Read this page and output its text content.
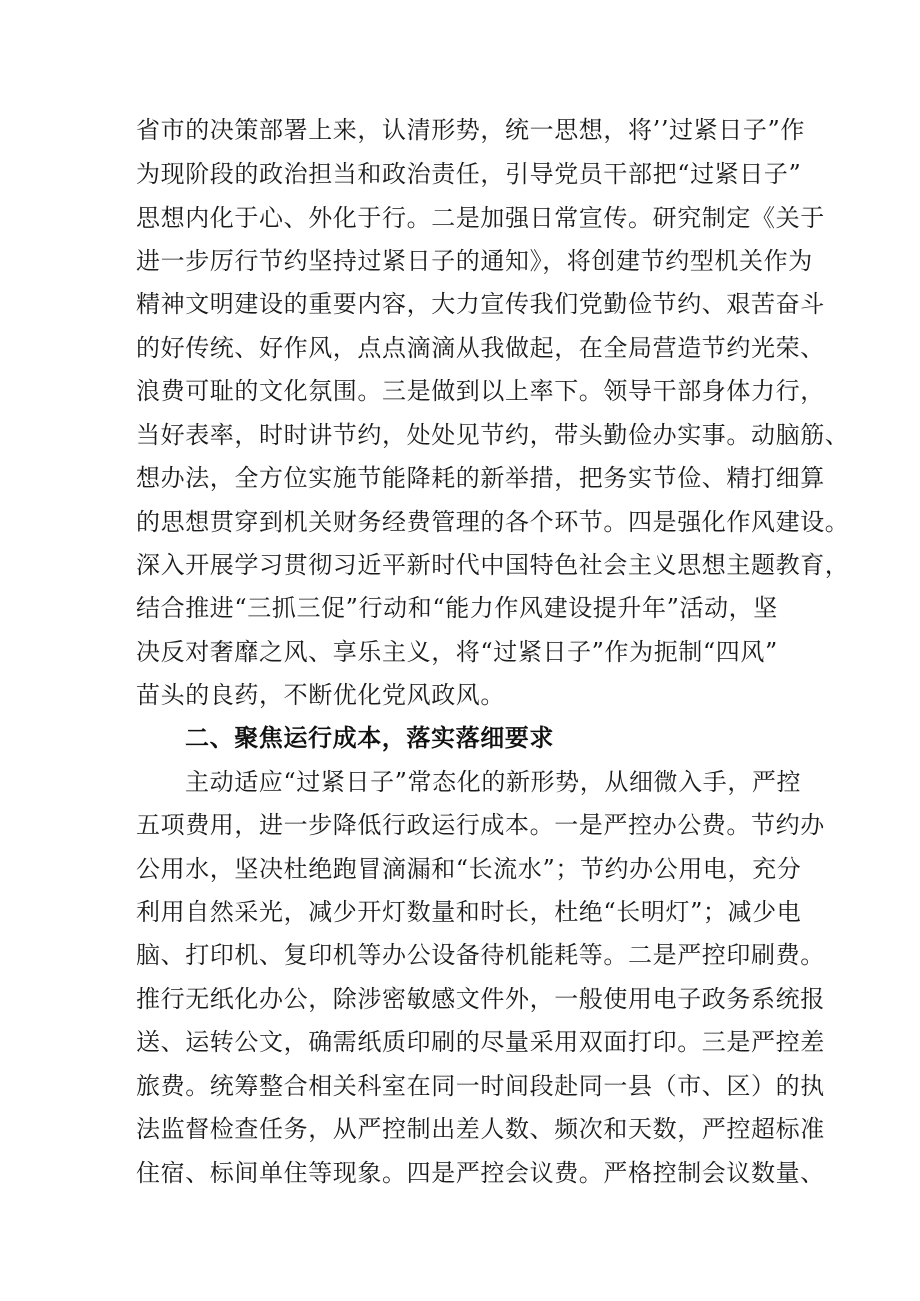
省市的决策部署上来，认清形势，统一思想，将’’过紧日子”作

为现阶段的政治担当和政治责任，引导党员干部把“过紧日子”

思想内化于心、外化于行。二是加强日常宣传。研究制定《关于

进一步厉行节约坚持过紧日子的通知》，将创建节约型机关作为

精神文明建设的重要内容，大力宣传我们党勤俭节约、艰苦奋斗

的好传统、好作风，点点滴滴从我做起，在全局营造节约光荣、

浪费可耻的文化氛围。三是做到以上率下。领导干部身体力行，

当好表率，时时讲节约，处处见节约，带头勤俭办实事。动脑筋、

想办法，全方位实施节能降耗的新举措，把务实节俭、精打细算

的思想贯穿到机关财务经费管理的各个环节。四是强化作风建设。

深入开展学习贯彻习近平新时代中国特色社会主义思想主题教育，

结合推进“三抓三促”行动和“能力作风建设提升年”活动，坚

决反对奢靡之风、享乐主义，将“过紧日子”作为扼制“四风”

苗头的良药，不断优化党风政风。

二、聚焦运行成本，落实落细要求

主动适应“过紧日子”常态化的新形势，从细微入手，严控

五项费用，进一步降低行政运行成本。一是严控办公费。节约办

公用水，坚决杜绝跑冒滴漏和“长流水”；节约办公用电，充分

利用自然采光，减少开灯数量和时长，杜绝“长明灯”；减少电

脑、打印机、复印机等办公设备待机能耗等。二是严控印刷费。

推行无纸化办公，除涉密敏感文件外，一般使用电子政务系统报

送、运转公文，确需纸质印刷的尽量采用双面打印。三是严控差

旅费。统筹整合相关科室在同一时间段赴同一县（市、区）的执

法监督检查任务，从严控制出差人数、频次和天数，严控超标准

住宿、标间单住等现象。四是严控会议费。严格控制会议数量、
